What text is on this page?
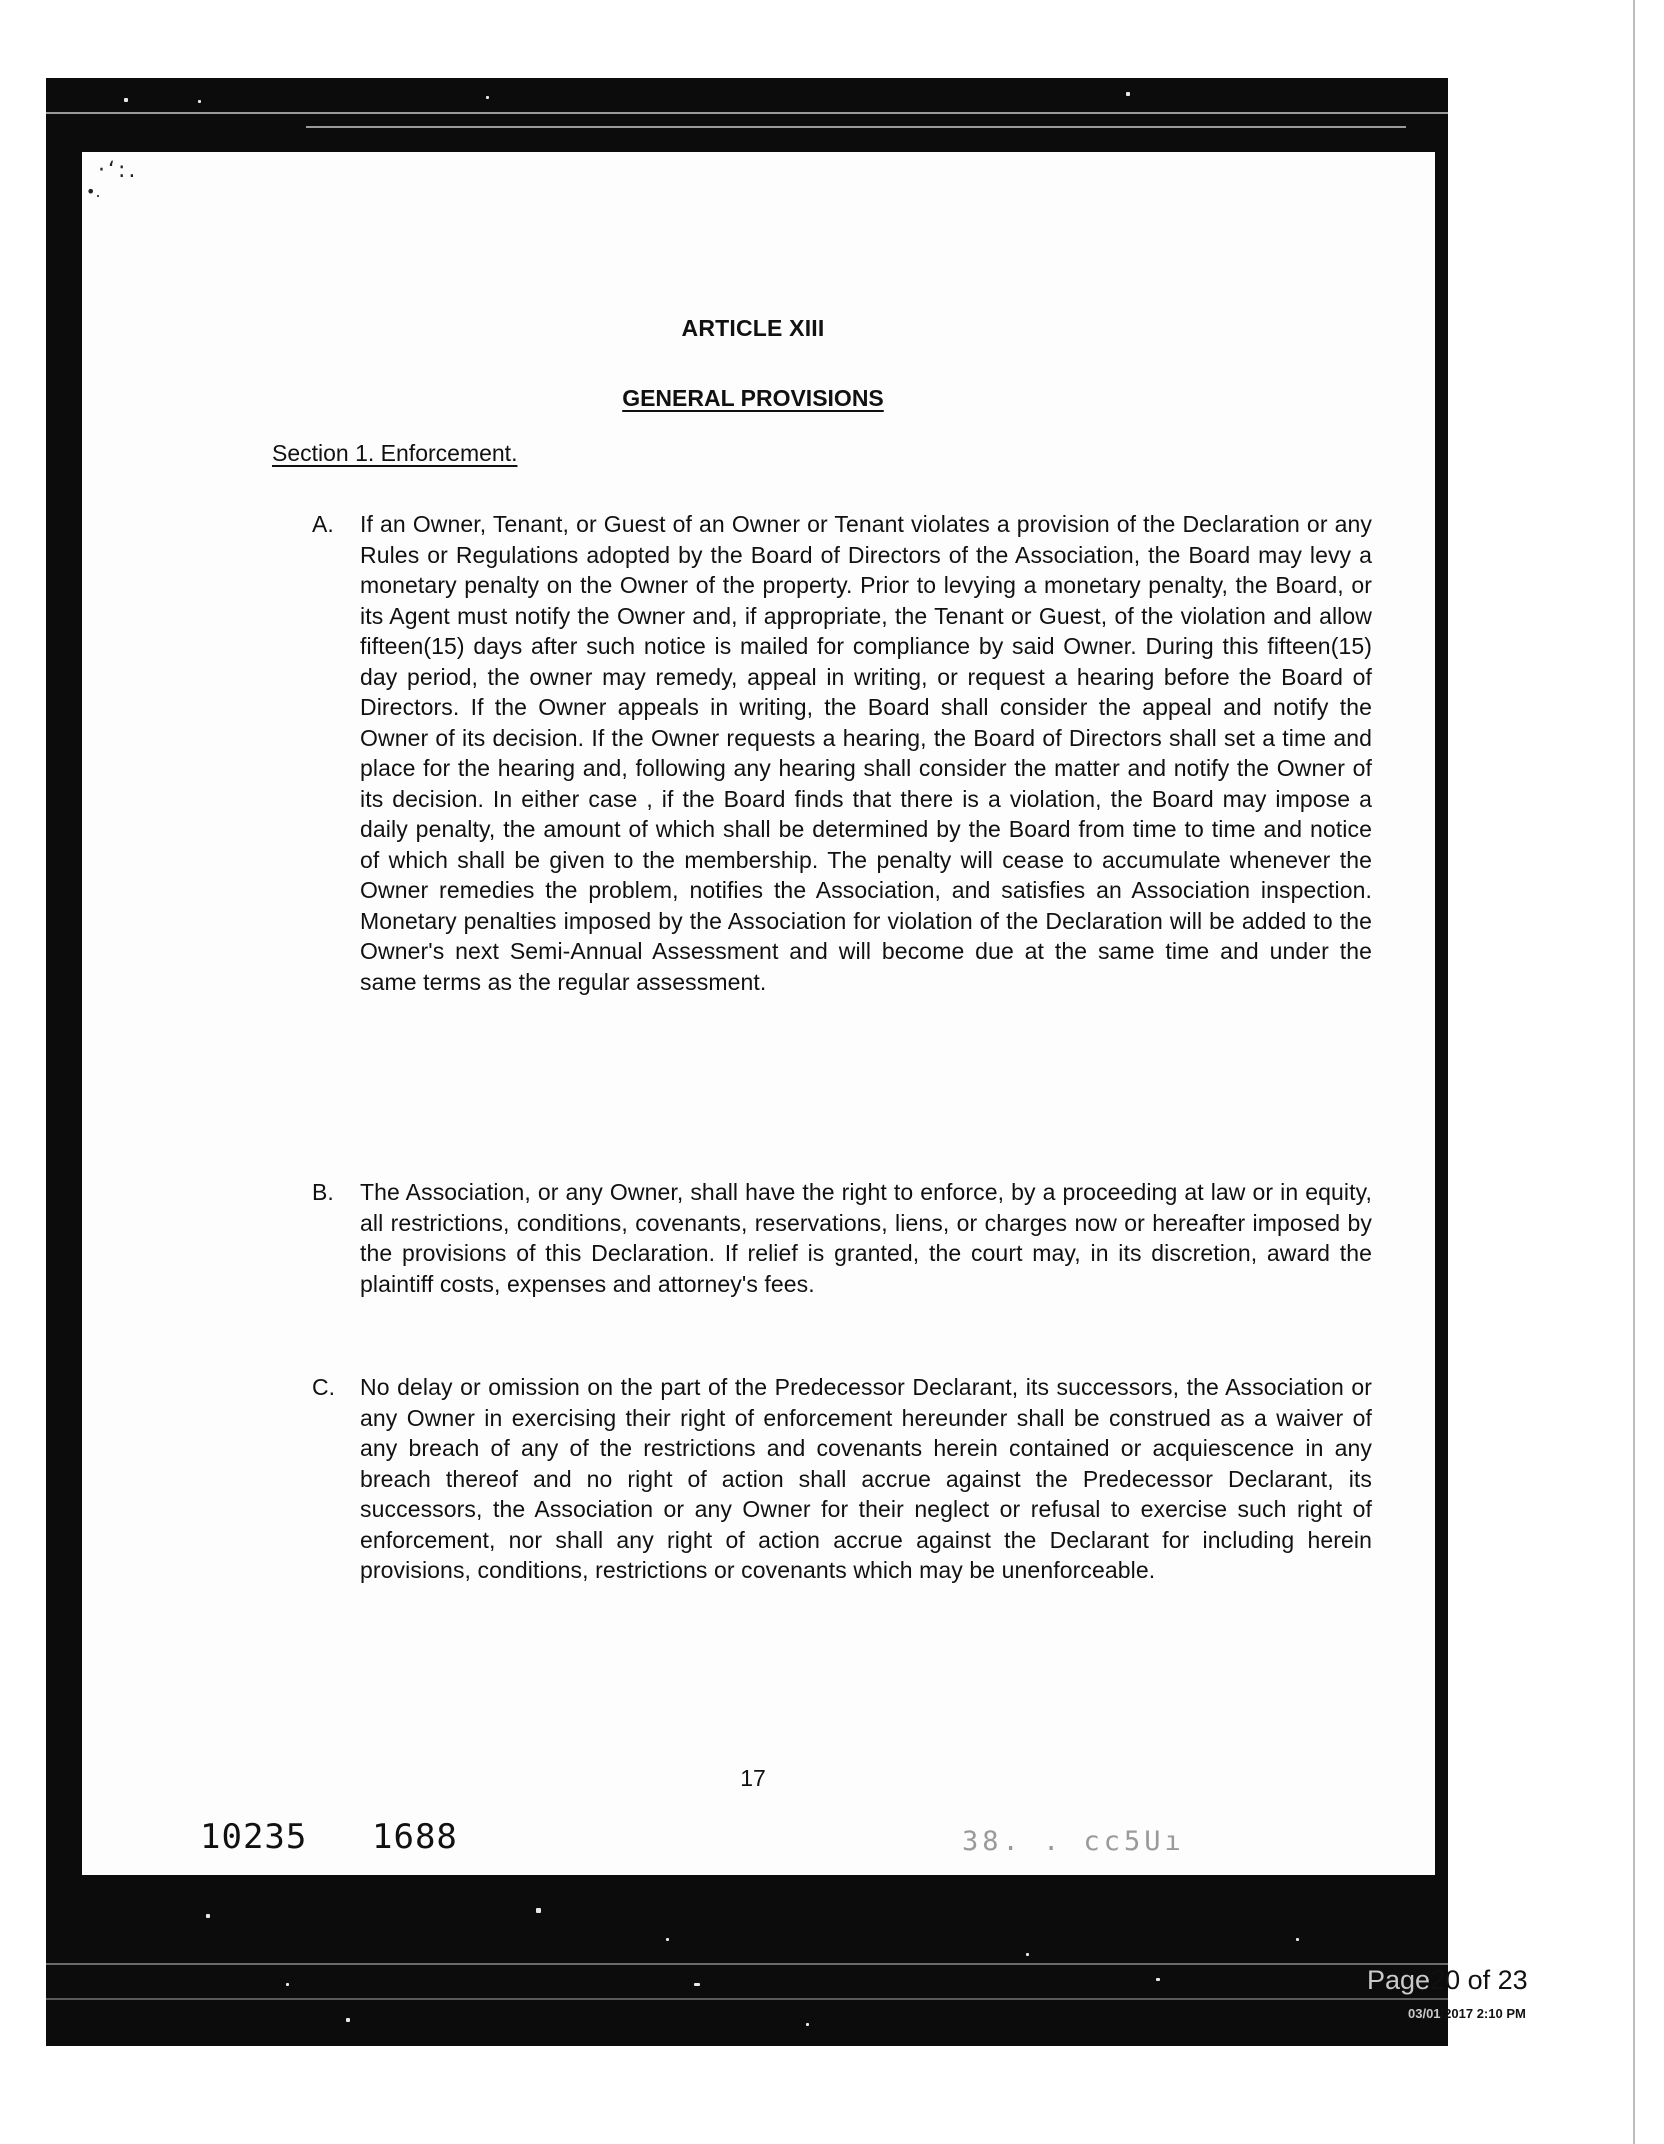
·ʻ:.
•.
ARTICLE XIII
GENERAL PROVISIONS
Section 1. Enforcement.
A. If an Owner, Tenant, or Guest of an Owner or Tenant violates a provision of the Declaration or any Rules or Regulations adopted by the Board of Directors of the Association, the Board may levy a monetary penalty on the Owner of the property. Prior to levying a monetary penalty, the Board, or its Agent must notify the Owner and, if appropriate, the Tenant or Guest, of the violation and allow fifteen(15) days after such notice is mailed for compliance by said Owner. During this fifteen(15) day period, the owner may remedy, appeal in writing, or request a hearing before the Board of Directors. If the Owner appeals in writing, the Board shall consider the appeal and notify the Owner of its decision. If the Owner requests a hearing, the Board of Directors shall set a time and place for the hearing and, following any hearing shall consider the matter and notify the Owner of its decision. In either case , if the Board finds that there is a violation, the Board may impose a daily penalty, the amount of which shall be determined by the Board from time to time and notice of which shall be given to the membership. The penalty will cease to accumulate whenever the Owner remedies the problem, notifies the Association, and satisfies an Association inspection. Monetary penalties imposed by the Association for violation of the Declaration will be added to the Owner's next Semi-Annual Assessment and will become due at the same time and under the same terms as the regular assessment.
B. The Association, or any Owner, shall have the right to enforce, by a proceeding at law or in equity, all restrictions, conditions, covenants, reservations, liens, or charges now or hereafter imposed by the provisions of this Declaration. If relief is granted, the court may, in its discretion, award the plaintiff costs, expenses and attorney's fees.
C. No delay or omission on the part of the Predecessor Declarant, its successors, the Association or any Owner in exercising their right of enforcement hereunder shall be construed as a waiver of any breach of any of the restrictions and covenants herein contained or acquiescence in any breach thereof and no right of action shall accrue against the Predecessor Declarant, its successors, the Association or any Owner for their neglect or refusal to exercise such right of enforcement, nor shall any right of action accrue against the Declarant for including herein provisions, conditions, restrictions or covenants which may be unenforceable.
17
10235 1688	38. . cc5Uı
Page20 of 23
03/01/2017 2:10 PM
